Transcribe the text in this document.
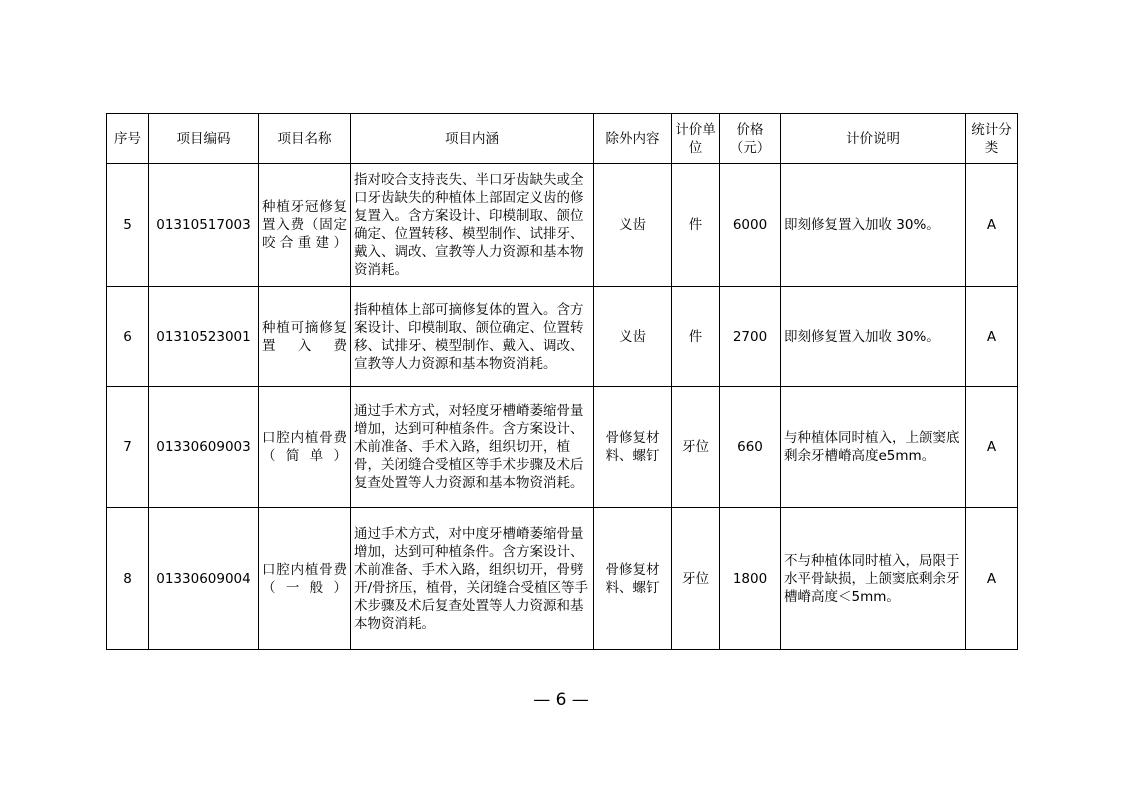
序号	项目编码	项目名称	项目内涵	除外内容	计价单位	价格（元）	计价说明	统计分类
5	01310517003	种植牙冠修复置入费（固定咬合重建）	指对咬合支持丧失、半口牙齿缺失或全口牙齿缺失的种植体上部固定义齿的修复置入。含方案设计、印模制取、颌位确定、位置转移、模型制作、试排牙、戴入、调改、宣教等人力资源和基本物资消耗。	义齿	件	6000	即刻修复置入加收 30%。	A
6	01310523001	种植可摘修复置入费	指种植体上部可摘修复体的置入。含方案设计、印模制取、颌位确定、位置转移、试排牙、模型制作、戴入、调改、宣教等人力资源和基本物资消耗。	义齿	件	2700	即刻修复置入加收 30%。	A
7	01330609003	口腔内植骨费（简单）	通过手术方式，对轻度牙槽嵴萎缩骨量增加，达到可种植条件。含方案设计、术前准备、手术入路，组织切开，植骨，关闭缝合受植区等手术步骤及术后复查处置等人力资源和基本物资消耗。	骨修复材料、螺钉	牙位	660	与种植体同时植入，上颌窦底剩余牙槽嵴高度e5mm。	A
8	01330609004	口腔内植骨费（一般）	通过手术方式，对中度牙槽嵴萎缩骨量增加，达到可种植条件。含方案设计、术前准备、手术入路，组织切开，骨劈开/骨挤压，植骨，关闭缝合受植区等手术步骤及术后复查处置等人力资源和基本物资消耗。	骨修复材料、螺钉	牙位	1800	不与种植体同时植入，局限于水平骨缺损，上颌窦底剩余牙槽嵴高度＜5mm。	A
— 6 —
